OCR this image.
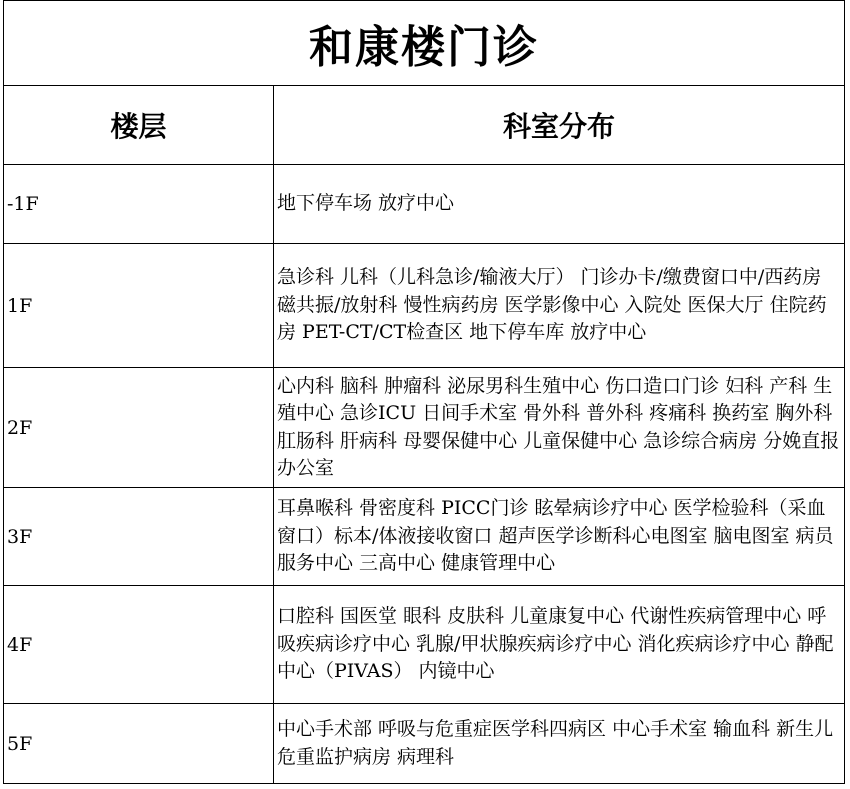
和康楼门诊	
楼层	科室分布
-1F	地下停车场 放疗中心
1F	急诊科 儿科（儿科急诊/输液大厅） 门诊办卡/缴费窗口中/西药房 磁共振/放射科 慢性病药房 医学影像中心 入院处 医保大厅 住院药房 PET-CT/CT检查区 地下停车库 放疗中心
2F	心内科 脑科 肿瘤科 泌尿男科生殖中心 伤口造口门诊 妇科 产科 生殖中心 急诊ICU 日间手术室 骨外科 普外科 疼痛科 换药室 胸外科 肛肠科 肝病科 母婴保健中心 儿童保健中心 急诊综合病房 分娩直报办公室
3F	耳鼻喉科 骨密度科 PICC门诊 眩晕病诊疗中心 医学检验科（采血窗口）标本/体液接收窗口 超声医学诊断科心电图室 脑电图室 病员服务中心 三高中心 健康管理中心
4F	口腔科 国医堂 眼科 皮肤科 儿童康复中心 代谢性疾病管理中心 呼吸疾病诊疗中心 乳腺/甲状腺疾病诊疗中心 消化疾病诊疗中心 静配中心（PIVAS） 内镜中心
5F	中心手术部 呼吸与危重症医学科四病区 中心手术室 输血科 新生儿危重监护病房 病理科
